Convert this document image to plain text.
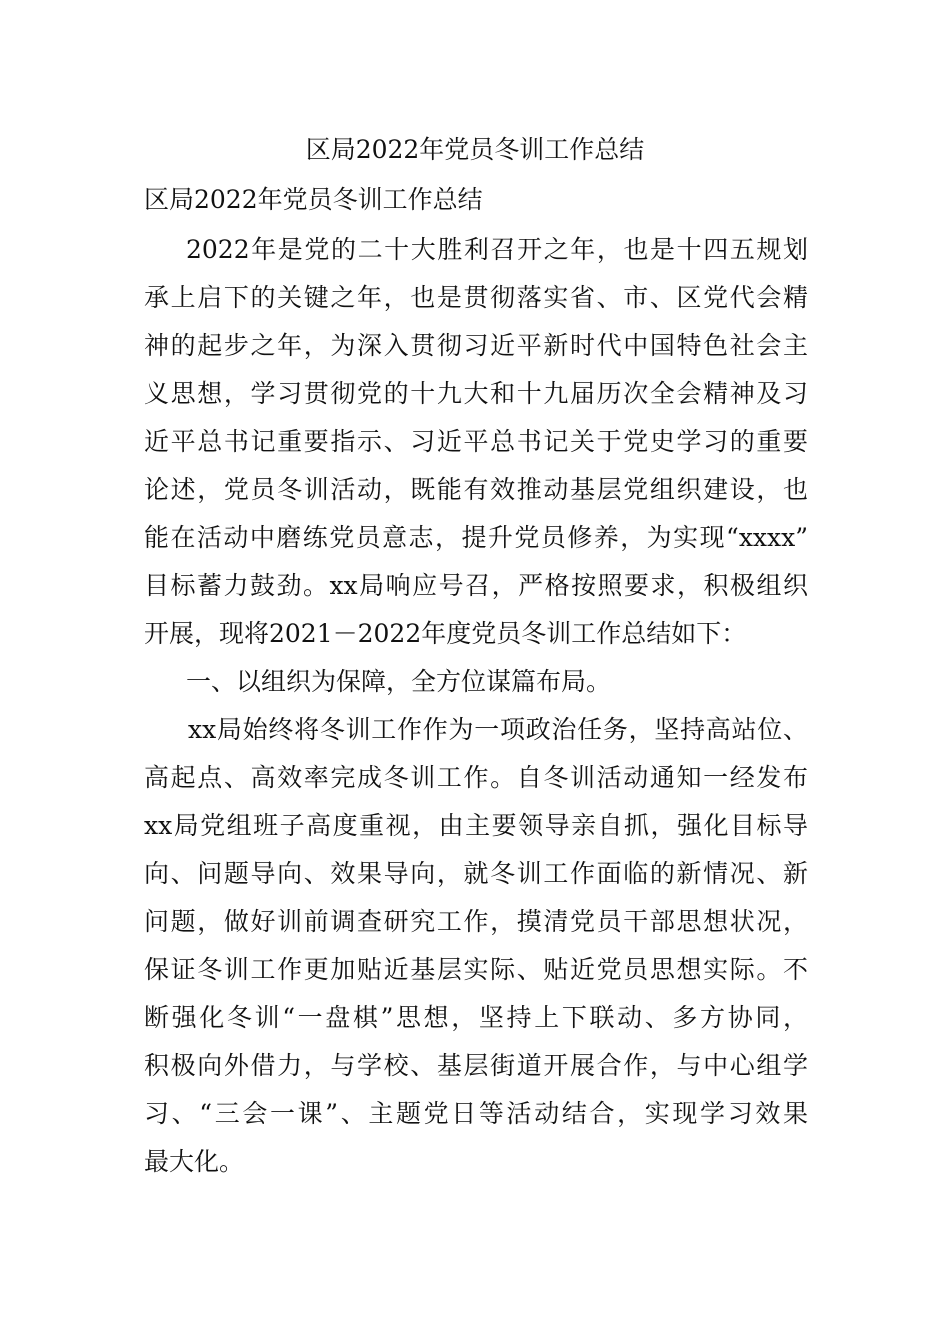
区局2022年党员冬训工作总结
区局2022年党员冬训工作总结

2022年是党的二十大胜利召开之年，也是十四五规划
承上启下的关键之年，也是贯彻落实省、市、区党代会精
神的起步之年，为深入贯彻习近平新时代中国特色社会主
义思想，学习贯彻党的十九大和十九届历次全会精神及习
近平总书记重要指示、习近平总书记关于党史学习的重要
论述，党员冬训活动，既能有效推动基层党组织建设，也
能在活动中磨练党员意志，提升党员修养，为实现“xxxx”
目标蓄力鼓劲。xx局响应号召，严格按照要求，积极组织
开展，现将2021－2022年度党员冬训工作总结如下：

一、以组织为保障，全方位谋篇布局。

xx局始终将冬训工作作为一项政治任务，坚持高站位、
高起点、高效率完成冬训工作。自冬训活动通知一经发布
xx局党组班子高度重视，由主要领导亲自抓，强化目标导
向、问题导向、效果导向，就冬训工作面临的新情况、新
问题，做好训前调查研究工作，摸清党员干部思想状况，
保证冬训工作更加贴近基层实际、贴近党员思想实际。不
断强化冬训“一盘棋”思想，坚持上下联动、多方协同，
积极向外借力，与学校、基层街道开展合作，与中心组学
习、“三会一课”、主题党日等活动结合，实现学习效果
最大化。
